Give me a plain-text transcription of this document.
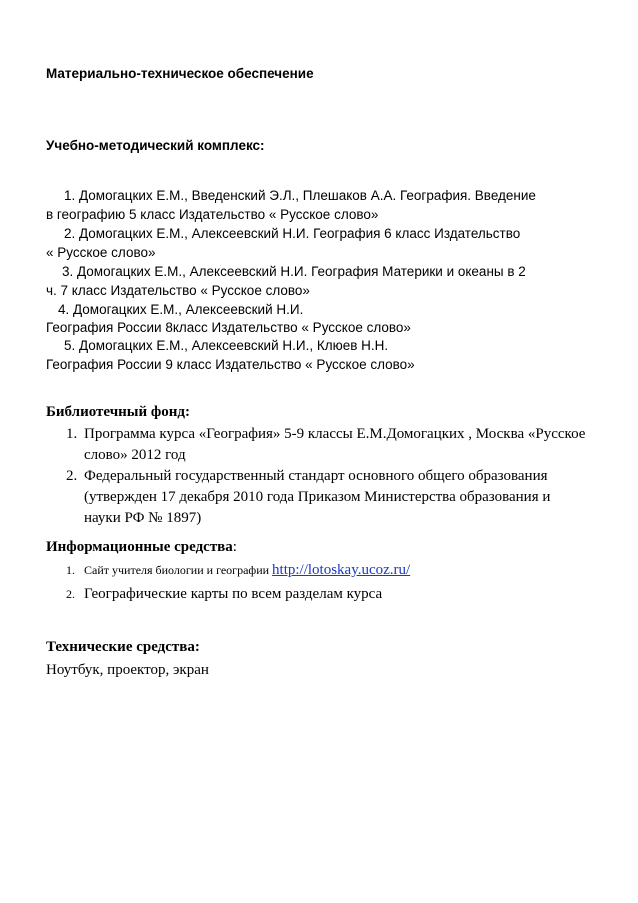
Материально-техническое обеспечение
Учебно-методический комплекс:
1. Домогацких Е.М., Введенский Э.Л., Плешаков А.А. География. Введение
в географию 5 класс Издательство « Русское слово»
2. Домогацких Е.М., Алексеевский Н.И. География 6 класс Издательство
« Русское слово»
3. Домогацких Е.М., Алексеевский Н.И. География Материки и океаны в 2
ч. 7 класс Издательство « Русское слово»
4. Домогацких Е.М., Алексеевский Н.И.
География России 8класс Издательство « Русское слово»
5. Домогацких Е.М., Алексеевский Н.И., Клюев Н.Н.
География России 9 класс Издательство « Русское слово»
Библиотечный фонд:
1. Программа курса «География» 5-9 классы Е.М.Домогацких , Москва «Русское слово» 2012 год
2. Федеральный государственный стандарт основного общего образования (утвержден 17 декабря 2010 года Приказом Министерства образования и науки РФ № 1897)
Информационные средства:
1. Сайт учителя биологии и географии http://lotoskay.ucoz.ru/
2. Географические карты по всем разделам курса
Технические средства:
Ноутбук, проектор, экран
